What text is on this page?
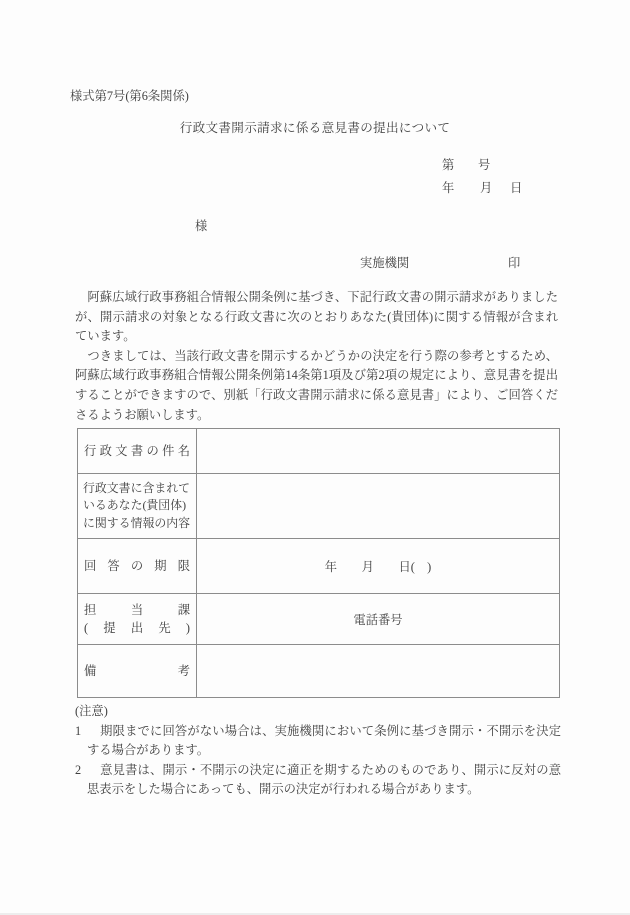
様式第7号(第6条関係)
行政文書開示請求に係る意見書の提出について
第 号
年 月 日
様
実施機関	印

　阿蘇広域行政事務組合情報公開条例に基づき、下記行政文書の開示請求がありましたが、開示請求の対象となる行政文書に次のとおりあなた(貴団体)に関する情報が含まれています。

　つきましては、当該行政文書を開示するかどうかの決定を行う際の参考とするため、阿蘇広域行政事務組合情報公開条例第14条第1項及び第2項の規定により、意見書を提出することができますので、別紙「行政文書開示請求に係る意見書」により、ご回答くださるようお願いします。

行政文書の件名	

行政文書に含まれて
いるあなた(貴団体)
に関する情報の内容	

回答の期限	年　　月　　日(　)

担当課
(提出先)	電話番号

備考	

(注意)

1 期限までに回答がない場合は、実施機関において条例に基づき開示・不開示を決定する場合があります。

2 意見書は、開示・不開示の決定に適正を期するためのものであり、開示に反対の意思表示をした場合にあっても、開示の決定が行われる場合があります。
